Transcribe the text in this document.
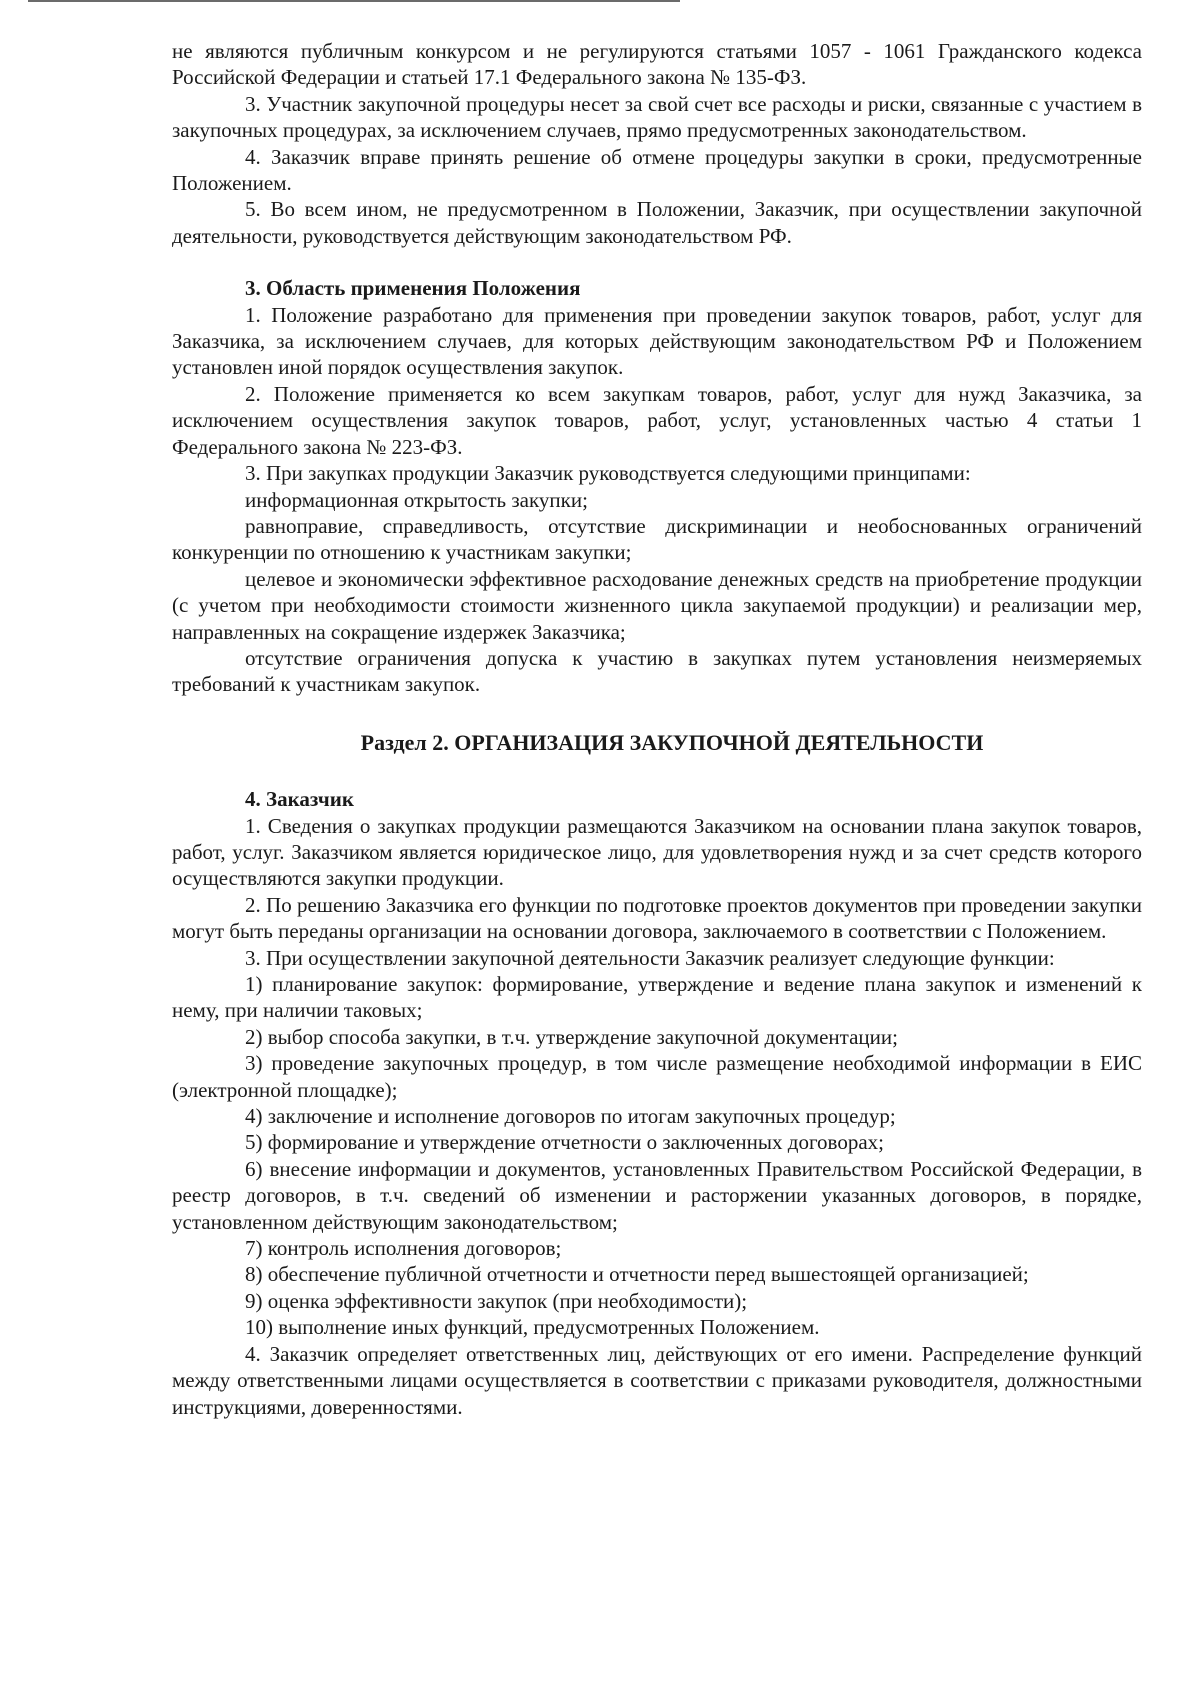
не являются публичным конкурсом и не регулируются статьями 1057 - 1061 Гражданского кодекса Российской Федерации и статьей 17.1 Федерального закона № 135-ФЗ.

3. Участник закупочной процедуры несет за свой счет все расходы и риски, связанные с участием в закупочных процедурах, за исключением случаев, прямо предусмотренных законодательством.

4. Заказчик вправе принять решение об отмене процедуры закупки в сроки, предусмотренные Положением.

5. Во всем ином, не предусмотренном в Положении, Заказчик, при осуществлении закупочной деятельности, руководствуется действующим законодательством РФ.

3. Область применения Положения

1. Положение разработано для применения при проведении закупок товаров, работ, услуг для Заказчика, за исключением случаев, для которых действующим законодательством РФ и Положением установлен иной порядок осуществления закупок.

2. Положение применяется ко всем закупкам товаров, работ, услуг для нужд Заказчика, за исключением осуществления закупок товаров, работ, услуг, установленных частью 4 статьи 1 Федерального закона № 223-ФЗ.

3. При закупках продукции Заказчик руководствуется следующими принципами:

информационная открытость закупки;

равноправие, справедливость, отсутствие дискриминации и необоснованных ограничений конкуренции по отношению к участникам закупки;

целевое и экономически эффективное расходование денежных средств на приобретение продукции (с учетом при необходимости стоимости жизненного цикла закупаемой продукции) и реализации мер, направленных на сокращение издержек Заказчика;

отсутствие ограничения допуска к участию в закупках путем установления неизмеряемых требований к участникам закупок.

Раздел 2. ОРГАНИЗАЦИЯ ЗАКУПОЧНОЙ ДЕЯТЕЛЬНОСТИ

4. Заказчик

1. Сведения о закупках продукции размещаются Заказчиком на основании плана закупок товаров, работ, услуг. Заказчиком является юридическое лицо, для удовлетворения нужд и за счет средств которого осуществляются закупки продукции.

2. По решению Заказчика его функции по подготовке проектов документов при проведении закупки могут быть переданы организации на основании договора, заключаемого в соответствии с Положением.

3. При осуществлении закупочной деятельности Заказчик реализует следующие функции:

1) планирование закупок: формирование, утверждение и ведение плана закупок и изменений к нему, при наличии таковых;

2) выбор способа закупки, в т.ч. утверждение закупочной документации;

3) проведение закупочных процедур, в том числе размещение необходимой информации в ЕИС (электронной площадке);

4) заключение и исполнение договоров по итогам закупочных процедур;

5) формирование и утверждение отчетности о заключенных договорах;

6) внесение информации и документов, установленных Правительством Российской Федерации, в реестр договоров, в т.ч. сведений об изменении и расторжении указанных договоров, в порядке, установленном действующим законодательством;

7) контроль исполнения договоров;

8) обеспечение публичной отчетности и отчетности перед вышестоящей организацией;

9) оценка эффективности закупок (при необходимости);

10) выполнение иных функций, предусмотренных Положением.

4. Заказчик определяет ответственных лиц, действующих от его имени. Распределение функций между ответственными лицами осуществляется в соответствии с приказами руководителя, должностными инструкциями, доверенностями.
